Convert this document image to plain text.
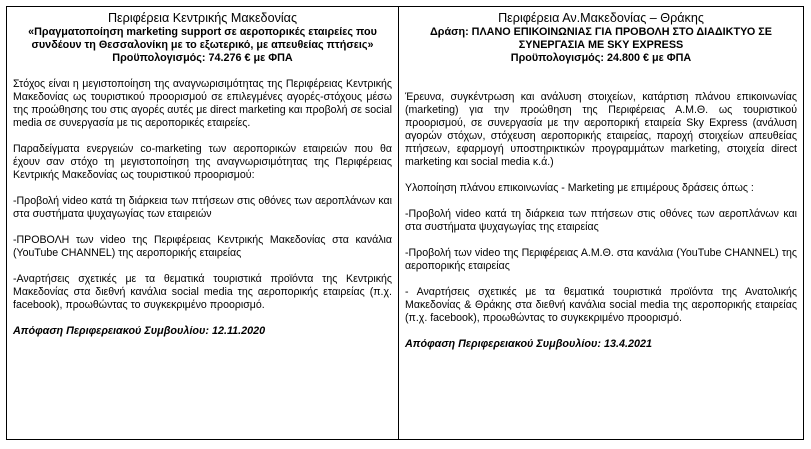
Περιφέρεια Κεντρικής Μακεδονίας
«Πραγματοποίηση marketing support σε αεροπορικές εταιρείες που συνδέουν τη Θεσσαλονίκη με το εξωτερικό, με απευθείας πτήσεις»
Προϋπολογισμός: 74.276 € με ΦΠΑ

Στόχος είναι η μεγιστοποίηση της αναγνωρισιμότητας της Περιφέρειας Κεντρικής Μακεδονίας ως τουριστικού προορισμού σε επιλεγμένες αγορές-στόχους μέσω της προώθησης του στις αγορές αυτές με direct marketing και προβολή σε social media σε συνεργασία με τις αεροπορικές εταιρείες.

Παραδείγματα ενεργειών co-marketing των αεροπορικών εταιρειών που θα έχουν σαν στόχο τη μεγιστοποίηση της αναγνωρισιμότητας της Περιφέρειας Κεντρικής Μακεδονίας ως τουριστικού προορισμού:

-Προβολή video κατά τη διάρκεια των πτήσεων στις οθόνες των αεροπλάνων και στα συστήματα ψυχαγωγίας των εταιρειών

-ΠΡΟΒΟΛΗ των video της Περιφέρειας Κεντρικής Μακεδονίας στα κανάλια (YouTube CHANNEL) της αεροπορικής εταιρείας

-Αναρτήσεις σχετικές με τα θεματικά τουριστικά προϊόντα της Κεντρικής Μακεδονίας στα διεθνή κανάλια social media της αεροπορικής εταιρείας (π.χ. facebook), προωθώντας το συγκεκριμένο προορισμό.

Απόφαση Περιφερειακού Συμβουλίου: 12.11.2020

Περιφέρεια Αν.Μακεδονίας – Θράκης
Δράση: ΠΛΑΝΟ ΕΠΙΚΟΙΝΩΝΙΑΣ ΓΙΑ ΠΡΟΒΟΛΗ ΣΤΟ ΔΙΑΔΙΚΤΥΟ ΣΕ ΣΥΝΕΡΓΑΣΙΑ ΜΕ SKY EXPRESS
Προϋπολογισμός: 24.800 € με ΦΠΑ

Έρευνα, συγκέντρωση και ανάλυση στοιχείων, κατάρτιση πλάνου επικοινωνίας (marketing) για την προώθηση της Περιφέρειας Α.Μ.Θ. ως τουριστικού προορισμού, σε συνεργασία με την αεροπορική εταιρεία Sky Express (ανάλυση αγορών στόχων, στόχευση αεροπορικής εταιρείας, παροχή στοιχείων απευθείας πτήσεων, εφαρμογή υποστηρικτικών προγραμμάτων marketing, στοιχεία direct marketing και social media κ.ά.)

Υλοποίηση πλάνου επικοινωνίας - Marketing με επιμέρους δράσεις όπως :

-Προβολή video κατά τη διάρκεια των πτήσεων στις οθόνες των αεροπλάνων και στα συστήματα ψυχαγωγίας της εταιρείας

-Προβολή των video της Περιφέρειας Α.Μ.Θ. στα κανάλια (YouTube CHANNEL) της αεροπορικής εταιρείας

- Αναρτήσεις σχετικές με τα θεματικά τουριστικά προϊόντα της Ανατολικής Μακεδονίας & Θράκης στα διεθνή κανάλια social media της αεροπορικής εταιρείας (π.χ. facebook), προωθώντας το συγκεκριμένο προορισμό.

Απόφαση Περιφερειακού Συμβουλίου: 13.4.2021
